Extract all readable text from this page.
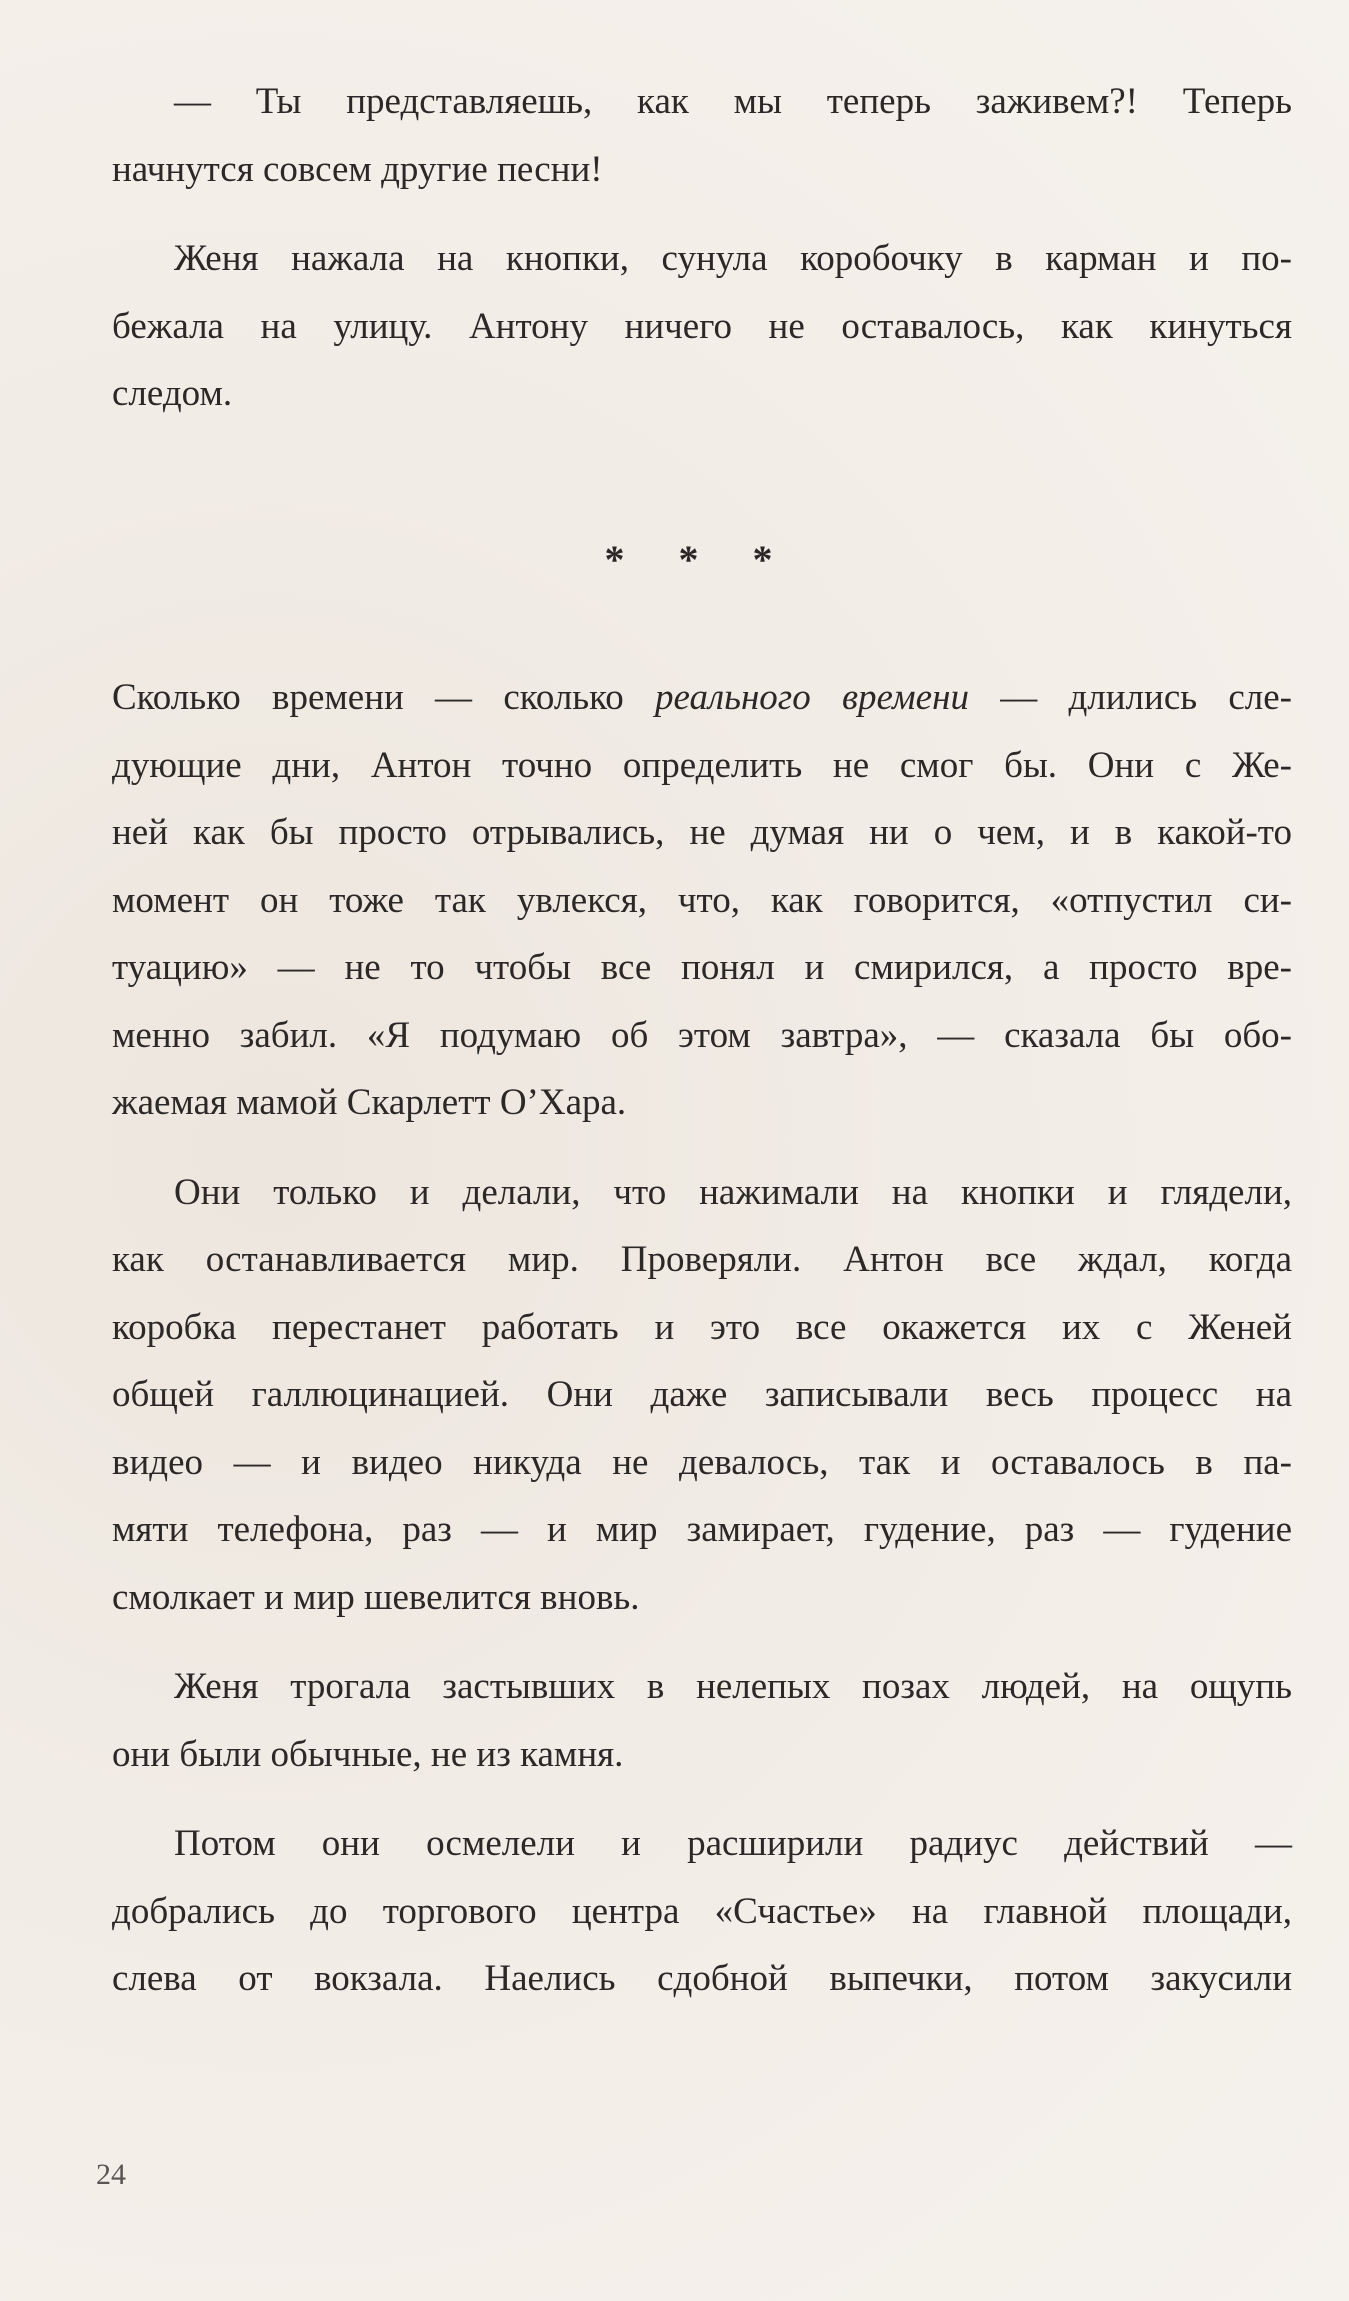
— Ты представляешь, как мы теперь заживем?! Теперь
начнутся совсем другие песни!
Женя нажала на кнопки, сунула коробочку в карман и по-
бежала на улицу. Антону ничего не оставалось, как кинуться
следом.
* * *
Сколько времени — сколько реального времени — длились сле-
дующие дни, Антон точно определить не смог бы. Они с Же-
ней как бы просто отрывались, не думая ни о чем, и в какой-то
момент он тоже так увлекся, что, как говорится, «отпустил си-
туацию» — не то чтобы все понял и смирился, а просто вре-
менно забил. «Я подумаю об этом завтра», — сказала бы обо-
жаемая мамой Скарлетт О’Хара.
Они только и делали, что нажимали на кнопки и глядели,
как останавливается мир. Проверяли. Антон все ждал, когда
коробка перестанет работать и это все окажется их с Женей
общей галлюцинацией. Они даже записывали весь процесс на
видео — и видео никуда не девалось, так и оставалось в па-
мяти телефона, раз — и мир замирает, гудение, раз — гудение
смолкает и мир шевелится вновь.
Женя трогала застывших в нелепых позах людей, на ощупь
они были обычные, не из камня.
Потом они осмелели и расширили радиус действий —
добрались до торгового центра «Счастье» на главной площади,
слева от вокзала. Наелись сдобной выпечки, потом закусили
24
